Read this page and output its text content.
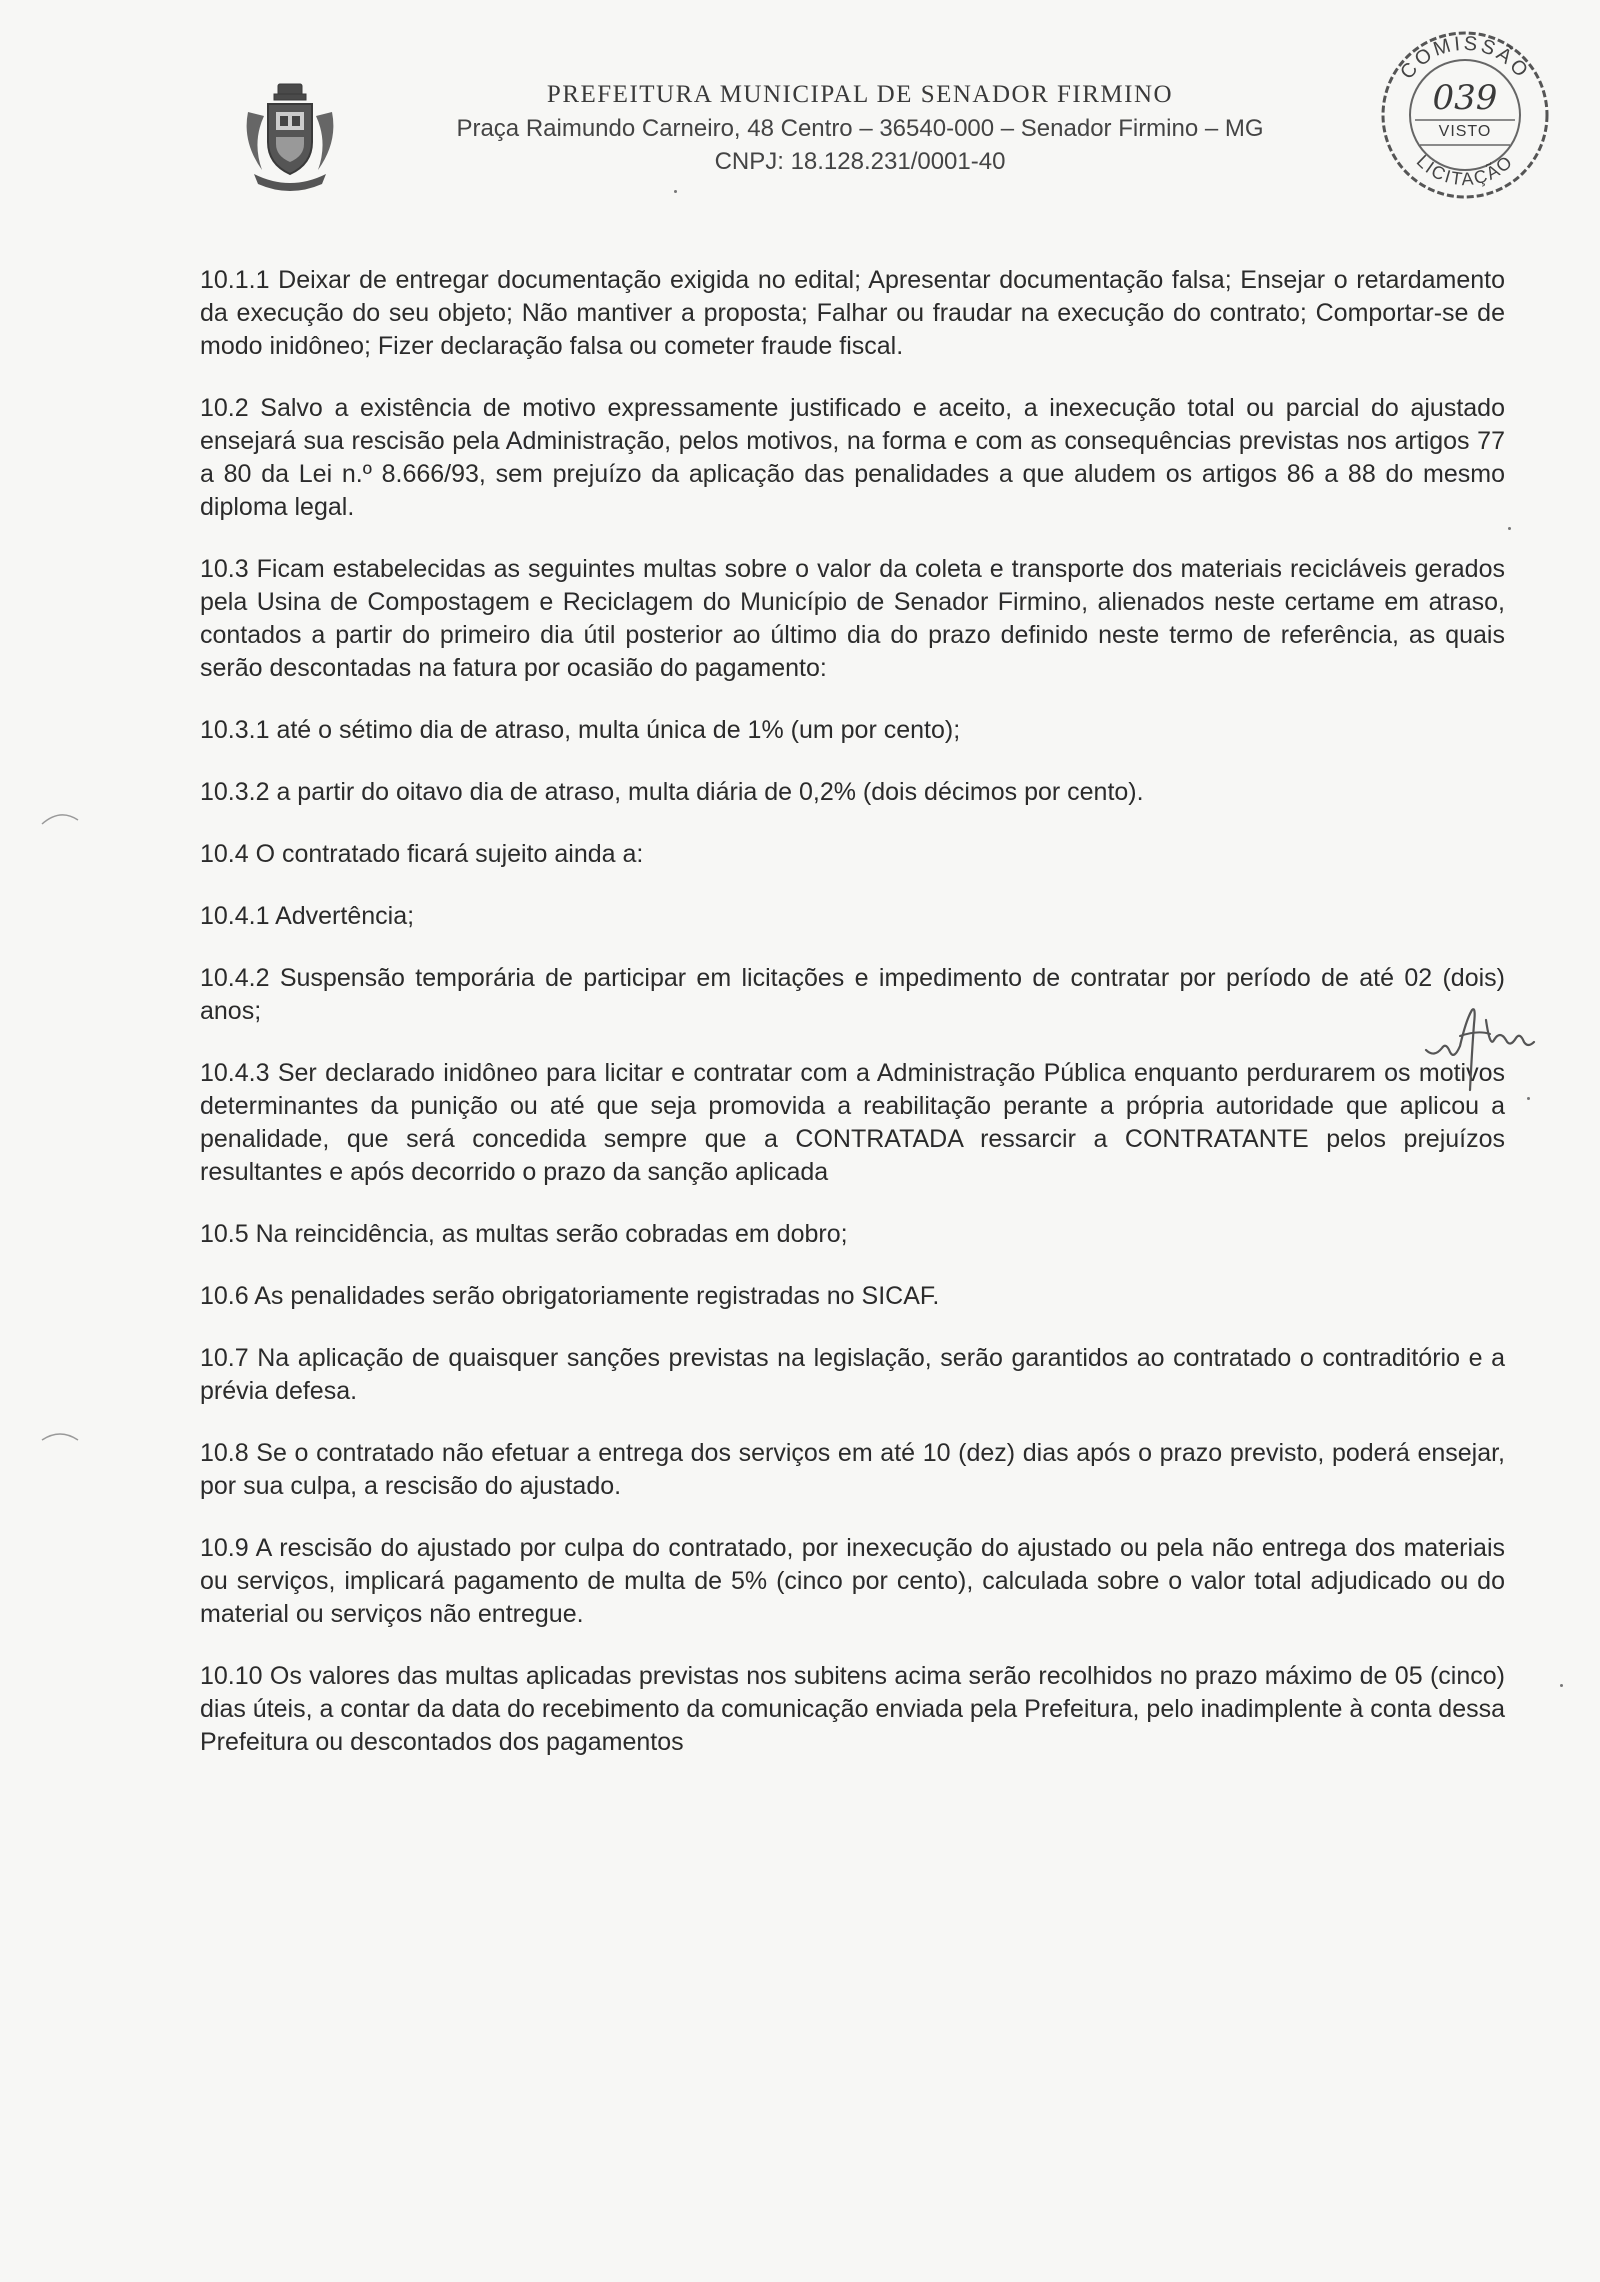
PREFEITURA MUNICIPAL DE SENADOR FIRMINO
Praça Raimundo Carneiro, 48 Centro – 36540-000 – Senador Firmino – MG
CNPJ: 18.128.231/0001-40
COMISSÃO
LICITAÇÃO
039
VISTO

10.1.1 Deixar de entregar documentação exigida no edital; Apresentar documentação falsa; Ensejar o retardamento da execução do seu objeto; Não mantiver a proposta; Falhar ou fraudar na execução do contrato; Comportar-se de modo inidôneo; Fizer declaração falsa ou cometer fraude fiscal.

10.2 Salvo a existência de motivo expressamente justificado e aceito, a inexecução total ou parcial do ajustado ensejará sua rescisão pela Administração, pelos motivos, na forma e com as consequências previstas nos artigos 77 a 80 da Lei n.º 8.666/93, sem prejuízo da aplicação das penalidades a que aludem os artigos 86 a 88 do mesmo diploma legal.

10.3 Ficam estabelecidas as seguintes multas sobre o valor da coleta e transporte dos materiais recicláveis gerados pela Usina de Compostagem e Reciclagem do Município de Senador Firmino, alienados neste certame em atraso, contados a partir do primeiro dia útil posterior ao último dia do prazo definido neste termo de referência, as quais serão descontadas na fatura por ocasião do pagamento:

10.3.1 até o sétimo dia de atraso, multa única de 1% (um por cento);

10.3.2 a partir do oitavo dia de atraso, multa diária de 0,2% (dois décimos por cento).

10.4 O contratado ficará sujeito ainda a:

10.4.1 Advertência;

10.4.2 Suspensão temporária de participar em licitações e impedimento de contratar por período de até 02 (dois) anos;

10.4.3 Ser declarado inidôneo para licitar e contratar com a Administração Pública enquanto perdurarem os motivos determinantes da punição ou até que seja promovida a reabilitação perante a própria autoridade que aplicou a penalidade, que será concedida sempre que a CONTRATADA ressarcir a CONTRATANTE pelos prejuízos resultantes e após decorrido o prazo da sanção aplicada

10.5 Na reincidência, as multas serão cobradas em dobro;

10.6 As penalidades serão obrigatoriamente registradas no SICAF.

10.7 Na aplicação de quaisquer sanções previstas na legislação, serão garantidos ao contratado o contraditório e a prévia defesa.

10.8 Se o contratado não efetuar a entrega dos serviços em até 10 (dez) dias após o prazo previsto, poderá ensejar, por sua culpa, a rescisão do ajustado.

10.9 A rescisão do ajustado por culpa do contratado, por inexecução do ajustado ou pela não entrega dos materiais ou serviços, implicará pagamento de multa de 5% (cinco por cento), calculada sobre o valor total adjudicado ou do material ou serviços não entregue.

10.10 Os valores das multas aplicadas previstas nos subitens acima serão recolhidos no prazo máximo de 05 (cinco) dias úteis, a contar da data do recebimento da comunicação enviada pela Prefeitura, pelo inadimplente à conta dessa Prefeitura ou descontados dos pagamentos
